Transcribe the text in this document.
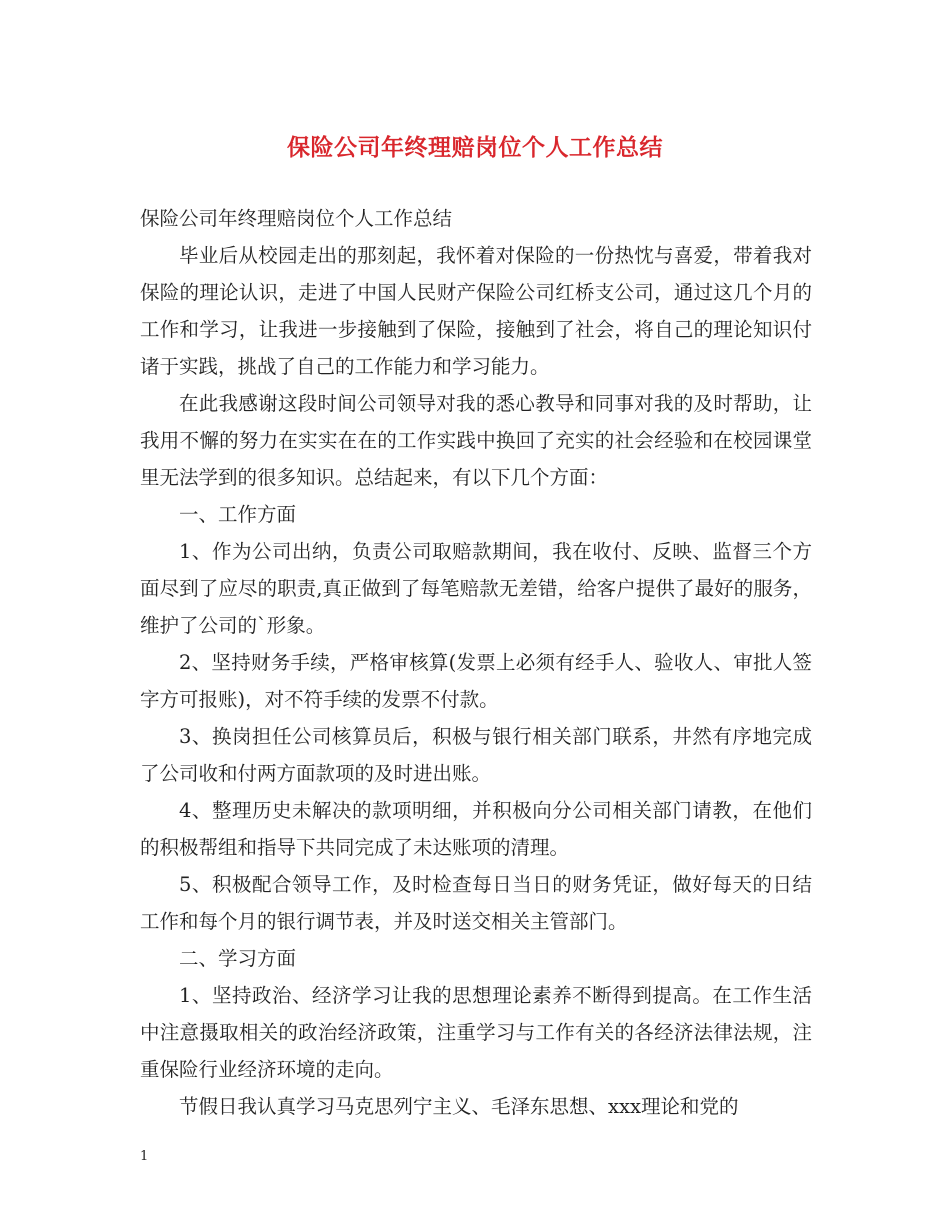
保险公司年终理赔岗位个人工作总结

保险公司年终理赔岗位个人工作总结

毕业后从校园走出的那刻起，我怀着对保险的一份热忱与喜爱，带着我对保险的理论认识，走进了中国人民财产保险公司红桥支公司，通过这几个月的工作和学习，让我进一步接触到了保险，接触到了社会，将自己的理论知识付诸于实践，挑战了自己的工作能力和学习能力。

在此我感谢这段时间公司领导对我的悉心教导和同事对我的及时帮助，让我用不懈的努力在实实在在的工作实践中换回了充实的社会经验和在校园课堂里无法学到的很多知识。总结起来，有以下几个方面：

一、工作方面

1、作为公司出纳，负责公司取赔款期间，我在收付、反映、监督三个方面尽到了应尽的职责,真正做到了每笔赔款无差错，给客户提供了最好的服务，维护了公司的`形象。

2、坚持财务手续，严格审核算(发票上必须有经手人、验收人、审批人签字方可报账)，对不符手续的发票不付款。

3、换岗担任公司核算员后，积极与银行相关部门联系，井然有序地完成了公司收和付两方面款项的及时进出账。

4、整理历史未解决的款项明细，并积极向分公司相关部门请教，在他们的积极帮组和指导下共同完成了未达账项的清理。

5、积极配合领导工作，及时检查每日当日的财务凭证，做好每天的日结工作和每个月的银行调节表，并及时送交相关主管部门。

二、学习方面

1、坚持政治、经济学习让我的思想理论素养不断得到提高。在工作生活中注意摄取相关的政治经济政策，注重学习与工作有关的各经济法律法规，注重保险行业经济环境的走向。

节假日我认真学习马克思列宁主义、毛泽东思想、xxx理论和党的

1
